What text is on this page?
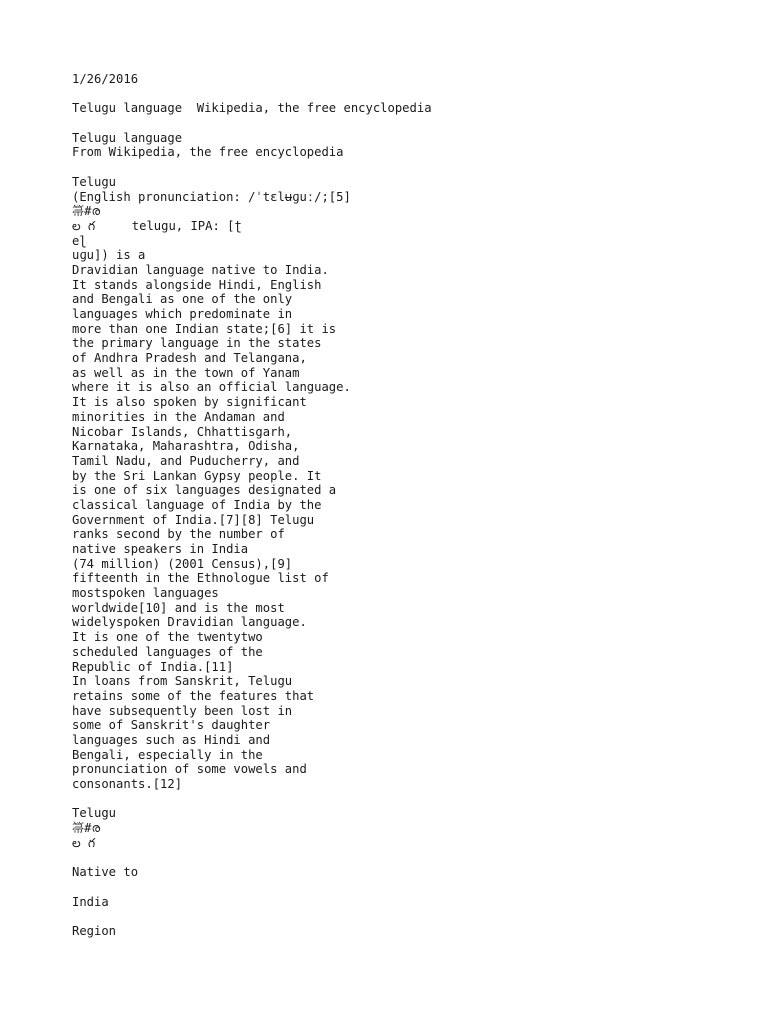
1/26/2016
Telugu language  Wikipedia, the free encyclopedia
Telugu language
From Wikipedia, the free encyclopedia
Telugu
(English pronunciation: /ˈtɛlʉɡuː/;[5]
箒#ര
ల గ     telugu, IPA: [ʈ
eɭ
uɡu]) is a
Dravidian language native to India.
It stands alongside Hindi, English
and Bengali as one of the only
languages which predominate in
more than one Indian state;[6] it is
the primary language in the states
of Andhra Pradesh and Telangana,
as well as in the town of Yanam
where it is also an official language.
It is also spoken by significant
minorities in the Andaman and
Nicobar Islands, Chhattisgarh,
Karnataka, Maharashtra, Odisha,
Tamil Nadu, and Puducherry, and
by the Sri Lankan Gypsy people. It
is one of six languages designated a
classical language of India by the
Government of India.[7][8] Telugu
ranks second by the number of
native speakers in India
(74 million) (2001 Census),[9]
fifteenth in the Ethnologue list of
mostspoken languages
worldwide[10] and is the most
widelyspoken Dravidian language.
It is one of the twentytwo
scheduled languages of the
Republic of India.[11]
In loans from Sanskrit, Telugu
retains some of the features that
have subsequently been lost in
some of Sanskrit's daughter
languages such as Hindi and
Bengali, especially in the
pronunciation of some vowels and
consonants.[12]
Telugu
箒#ര
ల గ
Native to
India
Region
